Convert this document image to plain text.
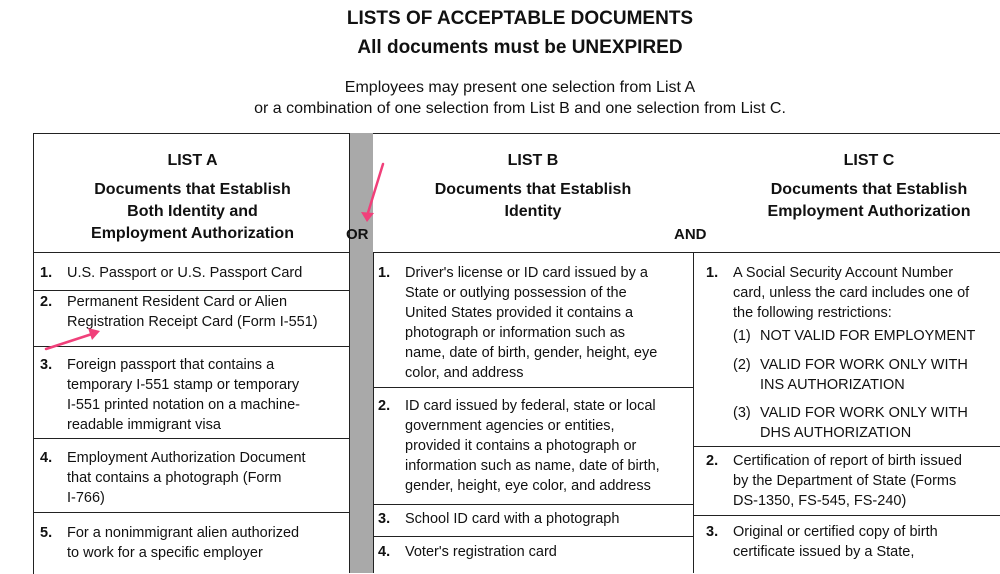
LISTS OF ACCEPTABLE DOCUMENTS
All documents must be UNEXPIRED
Employees may present one selection from List A
or a combination of one selection from List B and one selection from List C.
OR	AND
LIST A
Documents that Establish
Both Identity and
Employment Authorization
LIST B
Documents that Establish
Identity
LIST C
Documents that Establish
Employment Authorization
1. U.S. Passport or U.S. Passport Card
2. Permanent Resident Card or Alien
Registration Receipt Card (Form I-551)
3. Foreign passport that contains a
temporary I-551 stamp or temporary
I-551 printed notation on a machine-
readable immigrant visa
4. Employment Authorization Document
that contains a photograph (Form
I-766)
5. For a nonimmigrant alien authorized
to work for a specific employer
1. Driver's license or ID card issued by a
State or outlying possession of the
United States provided it contains a
photograph or information such as
name, date of birth, gender, height, eye
color, and address
2. ID card issued by federal, state or local
government agencies or entities,
provided it contains a photograph or
information such as name, date of birth,
gender, height, eye color, and address
3. School ID card with a photograph
4. Voter's registration card
1. A Social Security Account Number
card, unless the card includes one of
the following restrictions:
(1) NOT VALID FOR EMPLOYMENT
(2) VALID FOR WORK ONLY WITH
INS AUTHORIZATION
(3) VALID FOR WORK ONLY WITH
DHS AUTHORIZATION
2. Certification of report of birth issued
by the Department of State (Forms
DS-1350, FS-545, FS-240)
3. Original or certified copy of birth
certificate issued by a State,
